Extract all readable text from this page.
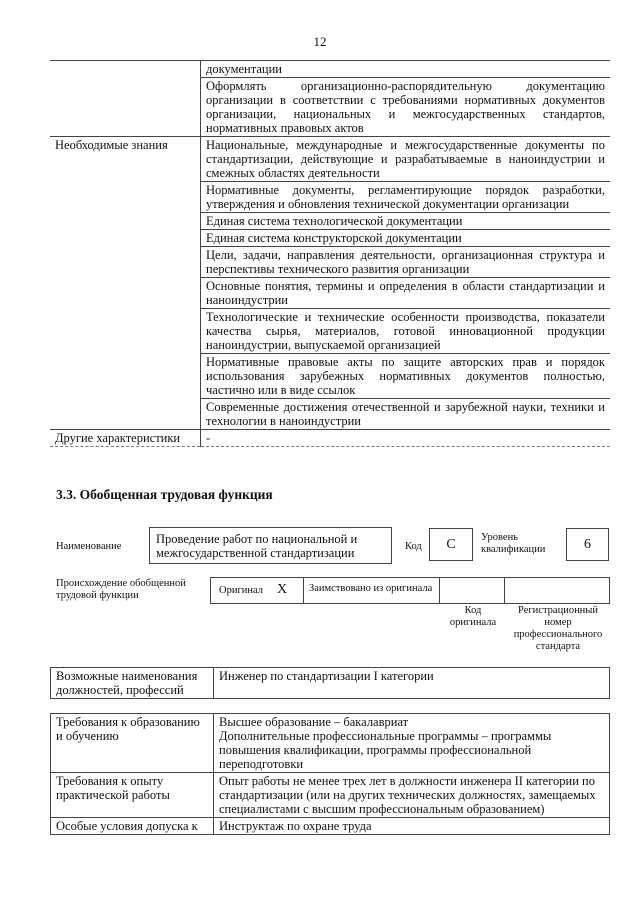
12
	документации
	Оформлять организационно-распорядительную документацию организации в соответствии с требованиями нормативных документов организации, национальных и межгосударственных стандартов, нормативных правовых актов
Необходимые знания	Национальные, международные и межгосударственные документы по стандартизации, действующие и разрабатываемые в наноиндустрии и смежных областях деятельности
	Нормативные документы, регламентирующие порядок разработки, утверждения и обновления технической документации организации
	Единая система технологической документации
	Единая система конструкторской документации
	Цели, задачи, направления деятельности, организационная структура и перспективы технического развития организации
	Основные понятия, термины и определения в области стандартизации и наноиндустрии
	Технологические и технические особенности производства, показатели качества сырья, материалов, готовой инновационной продукции наноиндустрии, выпускаемой организацией
	Нормативные правовые акты по защите авторских прав и порядок использования зарубежных нормативных документов полностью, частично или в виде ссылок
	Современные достижения отечественной и зарубежной науки, техники и технологии в наноиндустрии
Другие характеристики	-
3.3. Обобщенная трудовая функция
Наименование
Проведение работ по национальной и межгосударственной стандартизации	Код	C	Уровень квалификации	6
Происхождение обобщенной трудовой функции	Оригинал X	Заимствовано из оригинала
Код оригинала
Регистрационный номер профессионального стандарта
Возможные наименования должностей, профессий	Инженер по стандартизации I категории
Требования к образованию и обучению	Высшее образование – бакалавриат
Дополнительные профессиональные программы – программы повышения квалификации, программы профессиональной переподготовки
Требования к опыту практической работы	Опыт работы не менее трех лет в должности инженера II категории по стандартизации (или на других технических должностях, замещаемых специалистами с высшим профессиональным образованием)
Особые условия допуска к	Инструктаж по охране труда
